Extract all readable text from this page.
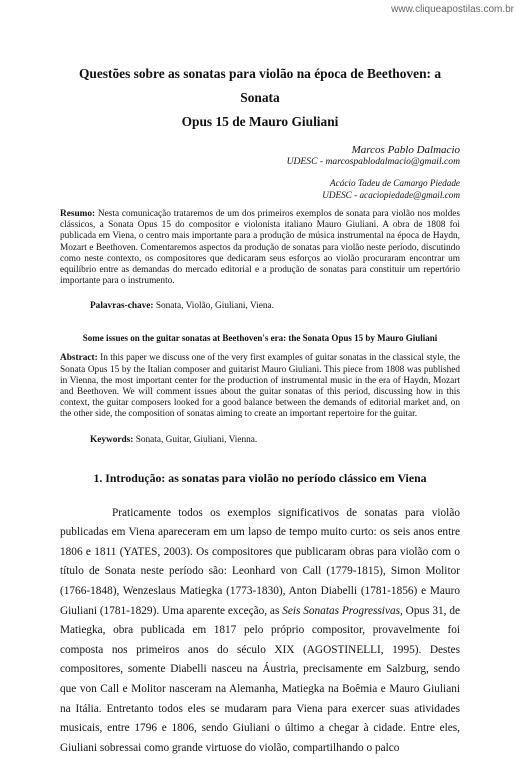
www.cliqueapostilas.com.br
Questões sobre as sonatas para violão na época de Beethoven: a Sonata
Opus 15 de Mauro Giuliani
Marcos Pablo Dalmacio
UDESC - marcospablodalmacio@gmail.com
Acácio Tadeu de Camargo Piedade
UDESC - acaciopiedade@gmail.com

Resumo: Nesta comunicação trataremos de um dos primeiros exemplos de sonata para violão nos moldes clássicos, a Sonata Opus 15 do compositor e violonista italiano Mauro Giuliani. A obra de 1808 foi publicada em Viena, o centro mais importante para a produção de música instrumental na época de Haydn, Mozart e Beethoven. Comentaremos aspectos da produção de sonatas para violão neste período, discutindo como neste contexto, os compositores que dedicaram seus esforços ao violão procuraram encontrar um equilíbrio entre as demandas do mercado editorial e a produção de sonatas para constituir um repertório importante para o instrumento.

Palavras-chave: Sonata, Violão, Giuliani, Viena.

Some issues on the guitar sonatas at Beethoven's era: the Sonata Opus 15 by Mauro Giuliani

Abstract: In this paper we discuss one of the very first examples of guitar sonatas in the classical style, the Sonata Opus 15 by the Italian composer and guitarist Mauro Giuliani. This piece from 1808 was published in Vienna, the most important center for the production of instrumental music in the era of Haydn, Mozart and Beethoven. We will comment issues about the guitar sonatas of this period, discussing how in this context, the guitar composers looked for a good balance between the demands of editorial market and, on the other side, the composition of sonatas aiming to create an important repertoire for the guitar.

Keywords: Sonata, Guitar, Giuliani, Vienna.

1. Introdução: as sonatas para violão no período clássico em Viena

Praticamente todos os exemplos significativos de sonatas para violão publicadas em Viena apareceram em um lapso de tempo muito curto: os seis anos entre 1806 e 1811 (YATES, 2003). Os compositores que publicaram obras para violão com o título de Sonata neste período são: Leonhard von Call (1779-1815), Simon Molitor (1766-1848), Wenzeslaus Matiegka (1773-1830), Anton Diabelli (1781-1856) e Mauro Giuliani (1781-1829). Uma aparente exceção, as Seis Sonatas Progressivas, Opus 31, de Matiegka, obra publicada em 1817 pelo próprio compositor, provavelmente foi composta nos primeiros anos do século XIX (AGOSTINELLI, 1995). Destes compositores, somente Diabelli nasceu na Áustria, precisamente em Salzburg, sendo que von Call e Molitor nasceram na Alemanha, Matiegka na Boêmia e Mauro Giuliani na Itália. Entretanto todos eles se mudaram para Viena para exercer suas atividades musicais, entre 1796 e 1806, sendo Giuliani o último a chegar à cidade. Entre eles, Giuliani sobressai como grande virtuose do violão, compartilhando o palco
